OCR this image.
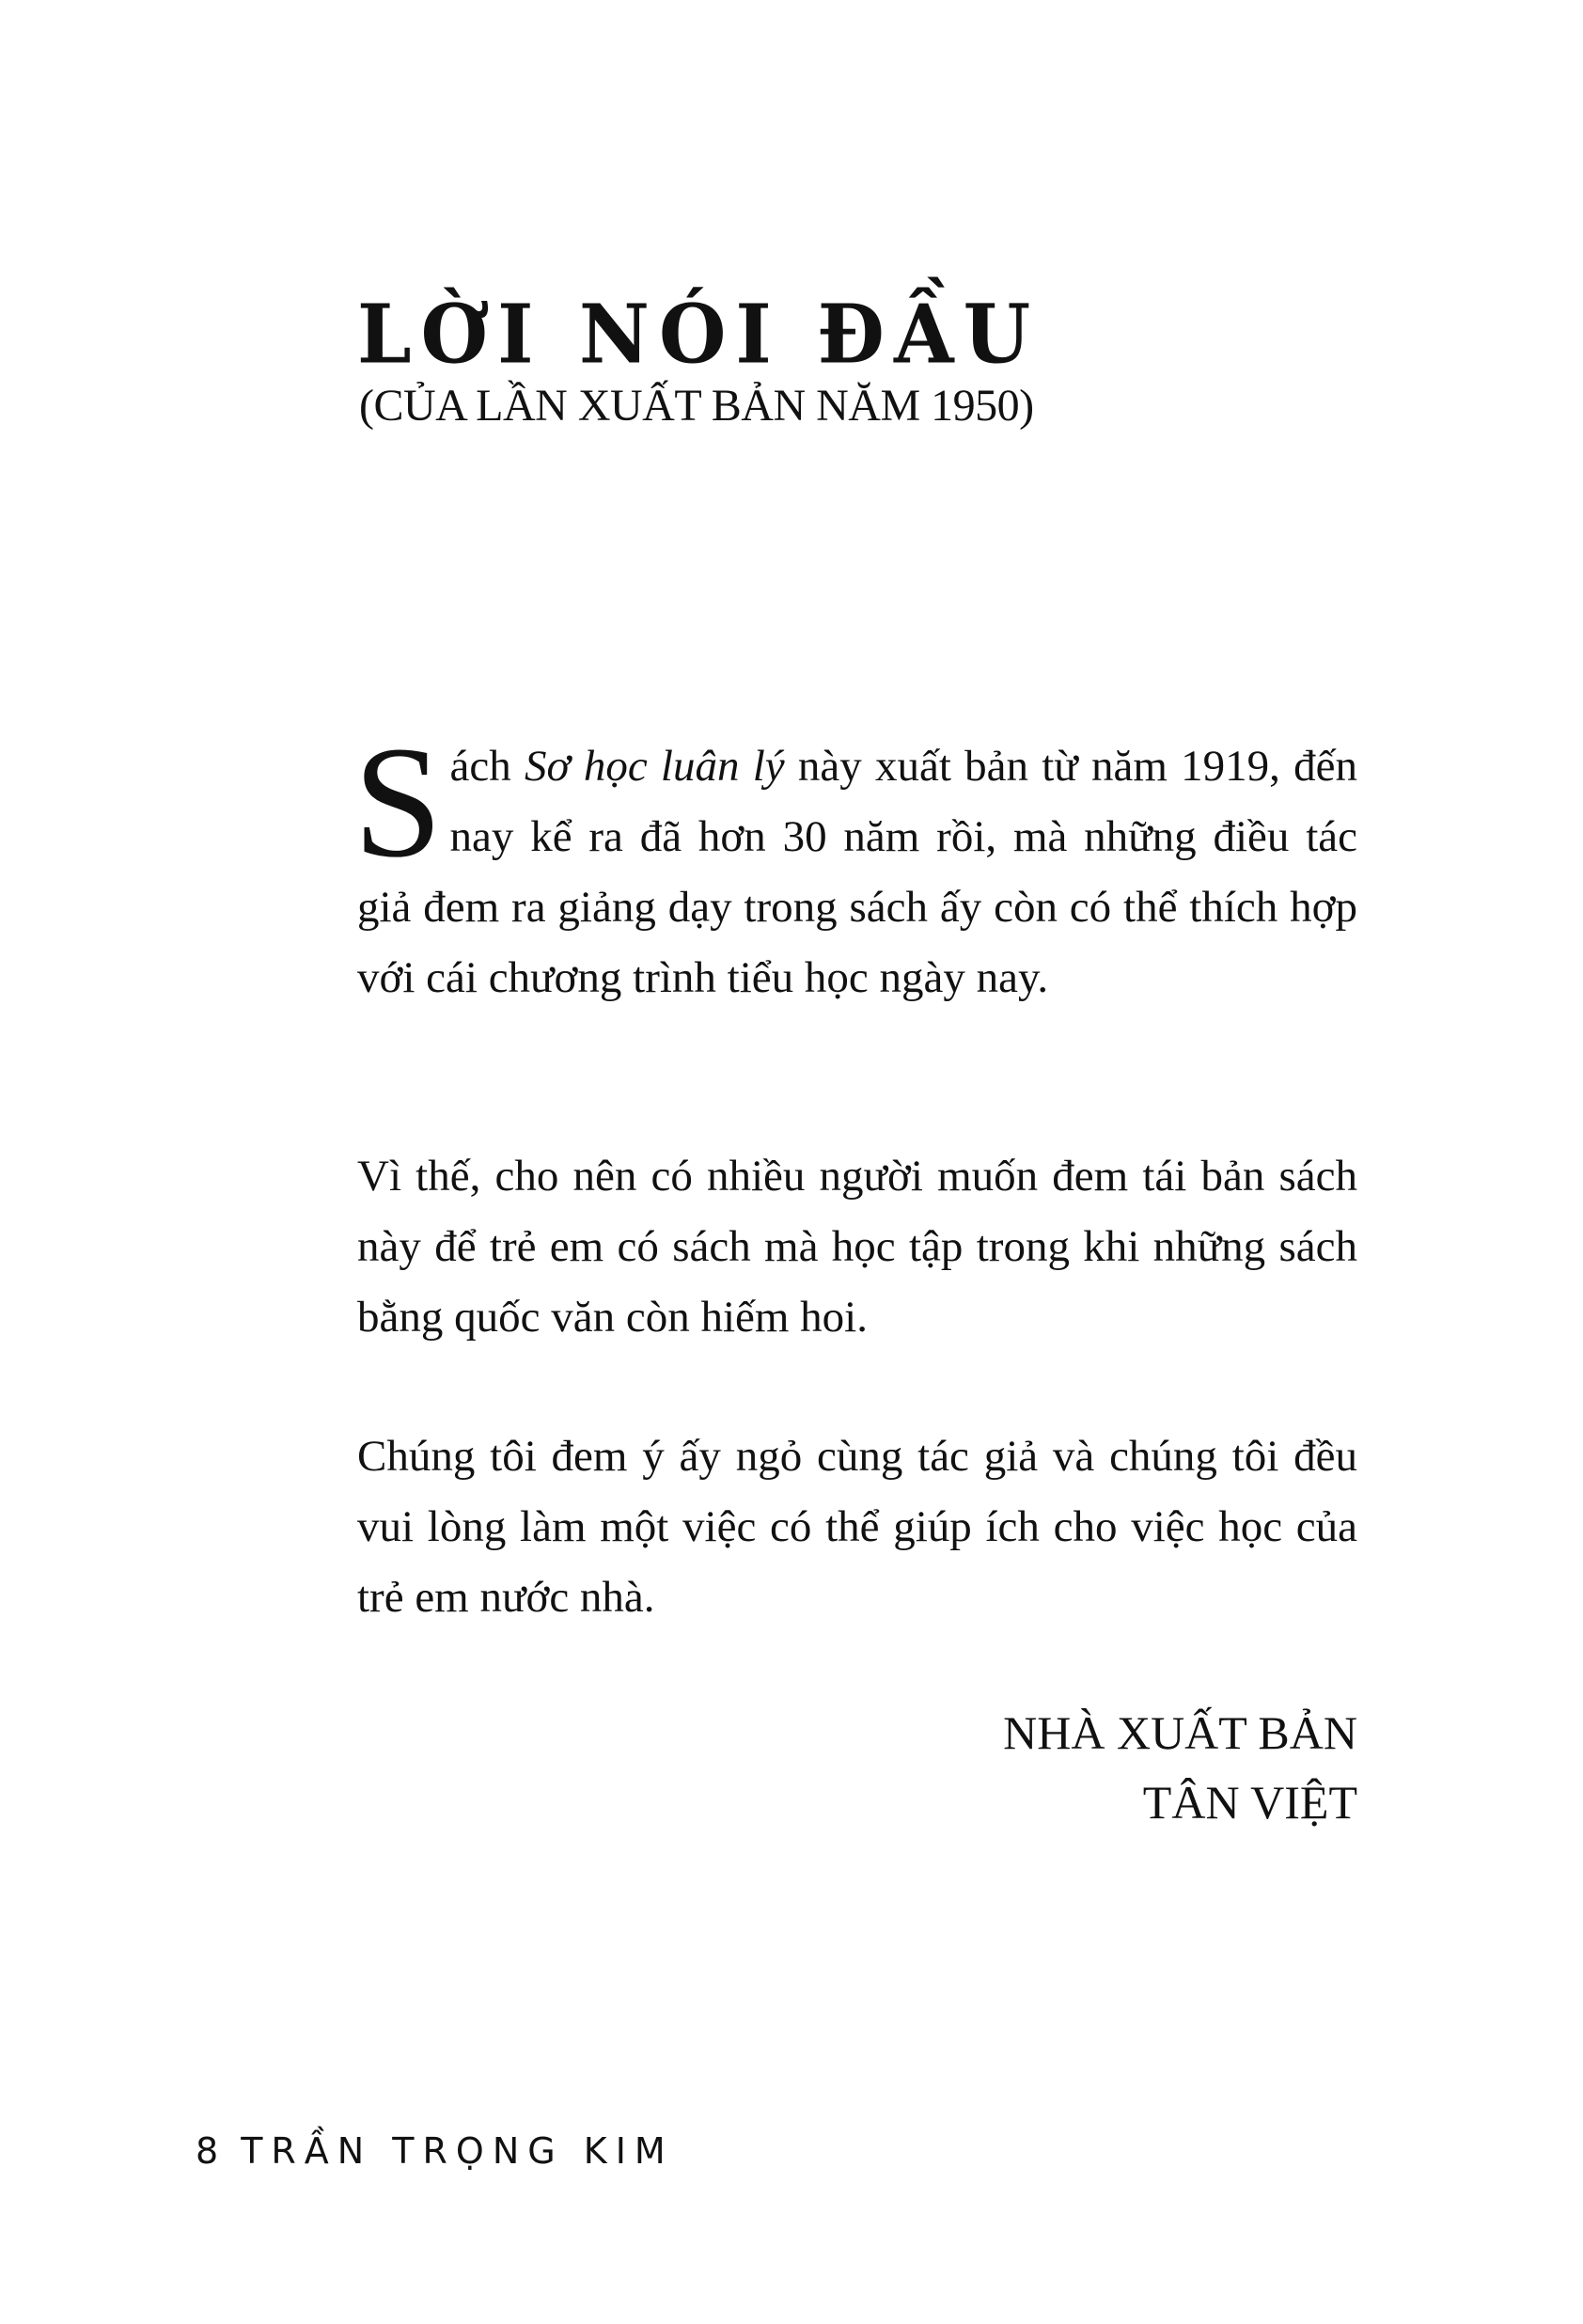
LỜI NÓI ĐẦU
(CỦA LẦN XUẤT BẢN NĂM 1950)
Sách Sơ học luân lý này xuất bản từ năm 1919, đến nay kể ra đã hơn 30 năm rồi, mà những điều tác giả đem ra giảng dạy trong sách ấy còn có thể thích hợp với cái chương trình tiểu học ngày nay.
Vì thế, cho nên có nhiều người muốn đem tái bản sách này để trẻ em có sách mà học tập trong khi những sách bằng quốc văn còn hiếm hoi.
Chúng tôi đem ý ấy ngỏ cùng tác giả và chúng tôi đều vui lòng làm một việc có thể giúp ích cho việc học của trẻ em nước nhà.
NHÀ XUẤT BẢN
TÂN VIỆT
8 TRẦN TRỌNG KIM
